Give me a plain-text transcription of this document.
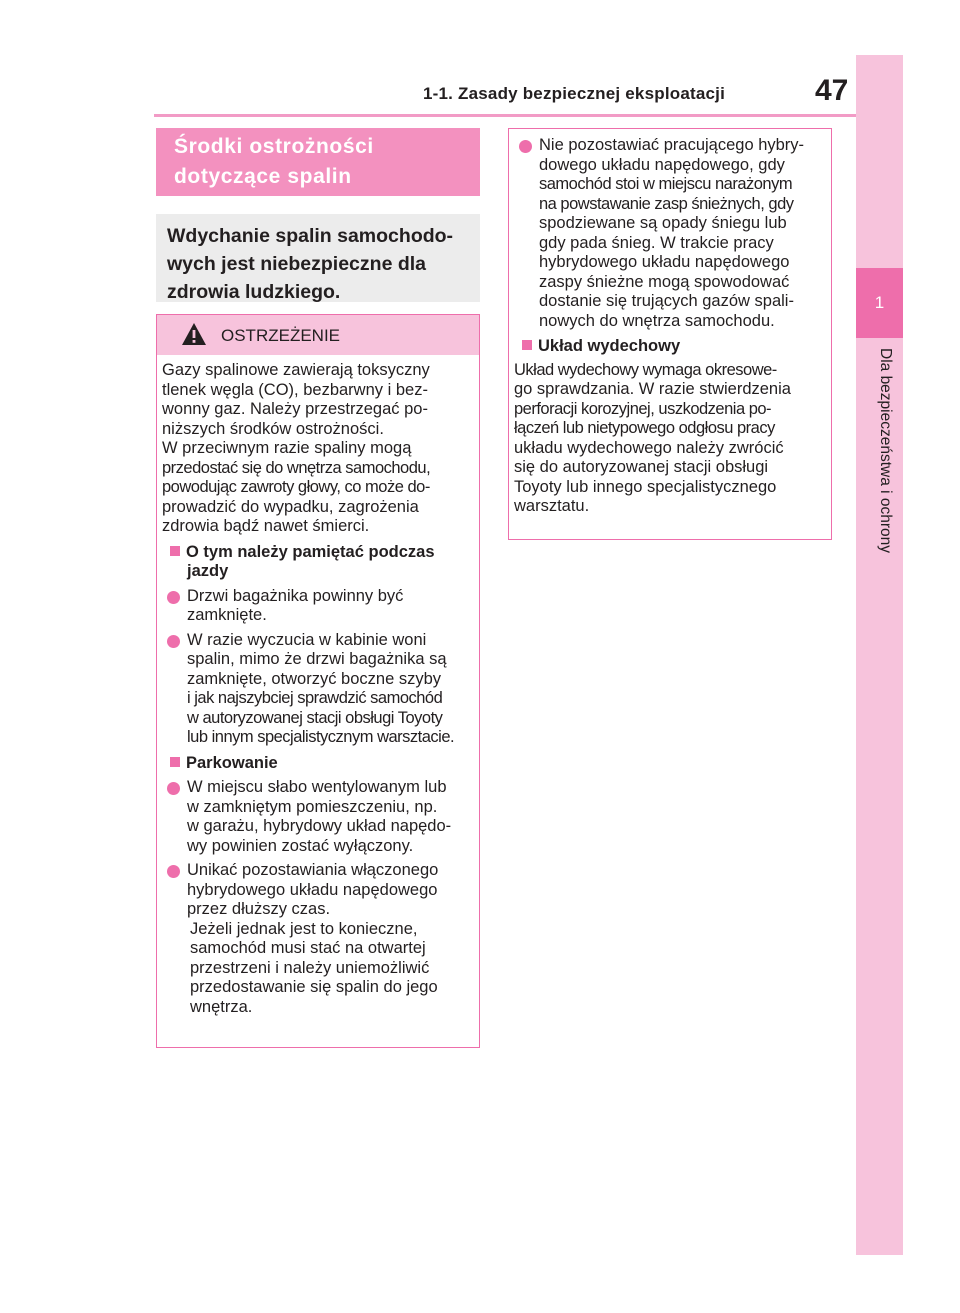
1-1. Zasady bezpiecznej eksploatacji	47
1
Dla bezpieczeństwa i ochrony
Środki ostrożności
dotyczące spalin
Wdychanie spalin samochodo-
wych jest niebezpieczne dla
zdrowia ludzkiego.
OSTRZEŻENIE
Gazy spalinowe zawierają toksyczny
tlenek węgla (CO), bezbarwny i bez-
wonny gaz. Należy przestrzegać po-
niższych środków ostrożności.
W przeciwnym razie spaliny mogą
przedostać się do wnętrza samochodu,
powodując zawroty głowy, co może do-
prowadzić do wypadku, zagrożenia
zdrowia bądź nawet śmierci.
O tym należy pamiętać podczas
jazdy
Drzwi bagażnika powinny być
zamknięte.
W razie wyczucia w kabinie woni
spalin, mimo że drzwi bagażnika są
zamknięte, otworzyć boczne szyby
i jak najszybciej sprawdzić samochód
w autoryzowanej stacji obsługi Toyoty
lub innym specjalistycznym warsztacie.
Parkowanie
W miejscu słabo wentylowanym lub
w zamkniętym pomieszczeniu, np.
w garażu, hybrydowy układ napędo-
wy powinien zostać wyłączony.
Unikać pozostawiania włączonego
hybrydowego układu napędowego
przez dłuższy czas.
Jeżeli jednak jest to konieczne,
samochód musi stać na otwartej
przestrzeni i należy uniemożliwić
przedostawanie się spalin do jego
wnętrza.
Nie pozostawiać pracującego hybry-
dowego układu napędowego, gdy
samochód stoi w miejscu narażonym
na powstawanie zasp śnieżnych, gdy
spodziewane są opady śniegu lub
gdy pada śnieg. W trakcie pracy
hybrydowego układu napędowego
zaspy śnieżne mogą spowodować
dostanie się trujących gazów spali-
nowych do wnętrza samochodu.
Układ wydechowy
Układ wydechowy wymaga okresowe-
go sprawdzania. W razie stwierdzenia
perforacji korozyjnej, uszkodzenia po-
łączeń lub nietypowego odgłosu pracy
układu wydechowego należy zwrócić
się do autoryzowanej stacji obsługi
Toyoty lub innego specjalistycznego
warsztatu.
